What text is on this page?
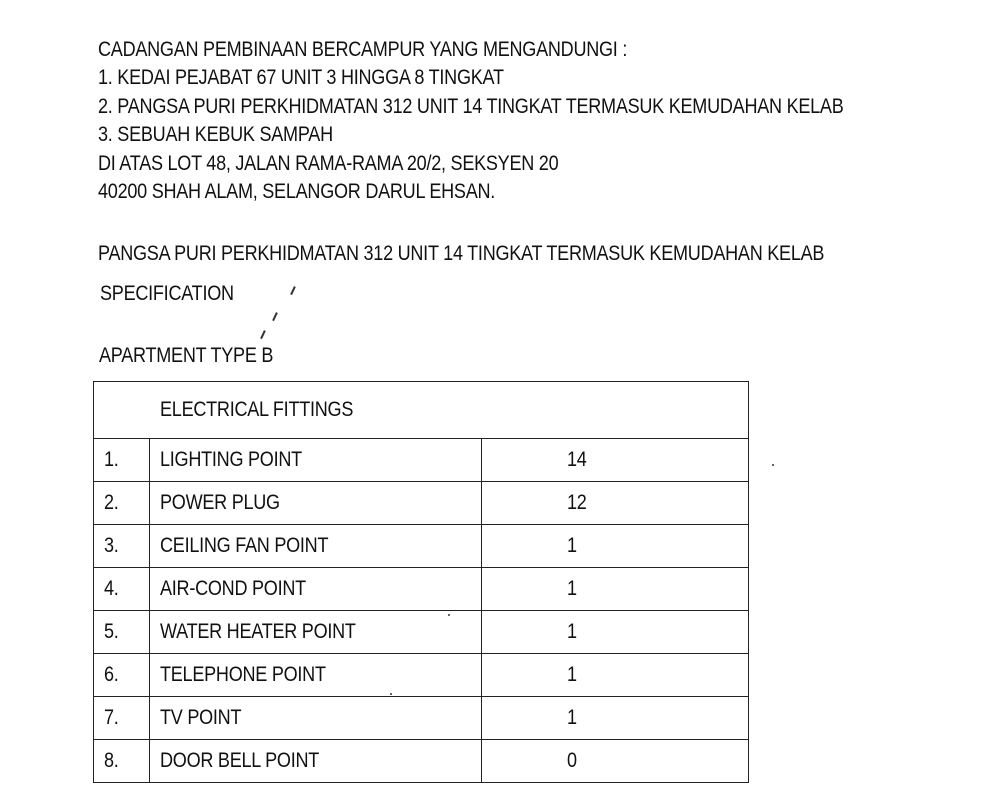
CADANGAN PEMBINAAN BERCAMPUR YANG MENGANDUNGI :
1. KEDAI PEJABAT 67 UNIT 3 HINGGA 8 TINGKAT
2. PANGSA PURI PERKHIDMATAN 312 UNIT 14 TINGKAT TERMASUK KEMUDAHAN KELAB
3. SEBUAH KEBUK SAMPAH
DI ATAS LOT 48, JALAN RAMA-RAMA 20/2, SEKSYEN 20
40200 SHAH ALAM, SELANGOR DARUL EHSAN.
PANGSA PURI PERKHIDMATAN 312 UNIT 14 TINGKAT TERMASUK KEMUDAHAN KELAB
SPECIFICATION
APARTMENT TYPE B
ELECTRICAL FITTINGS		
1.	LIGHTING POINT	14
2.	POWER PLUG	12
3.	CEILING FAN POINT	1
4.	AIR-COND POINT	1
5.	WATER HEATER POINT	1
6.	TELEPHONE POINT	1
7.	TV POINT	1
8.	DOOR BELL POINT	0
